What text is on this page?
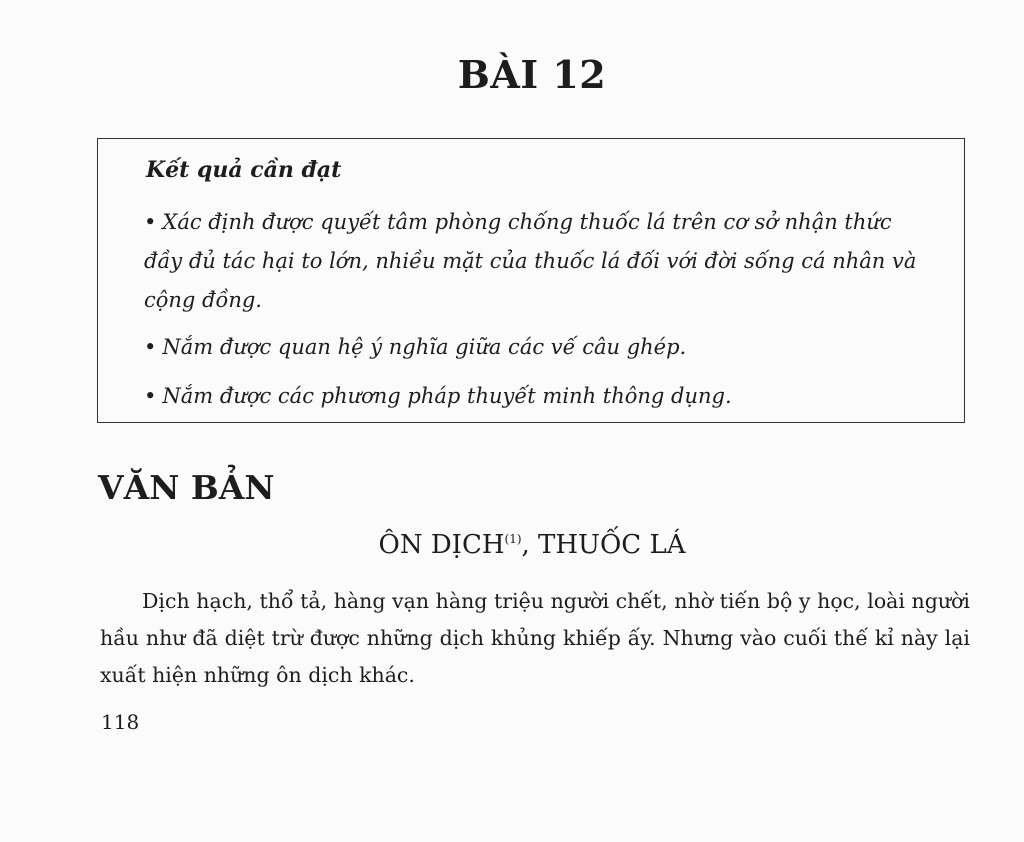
BÀI 12
Kết quả cần đạt
• Xác định được quyết tâm phòng chống thuốc lá trên cơ sở nhận thức đầy đủ tác hại to lớn, nhiều mặt của thuốc lá đối với đời sống cá nhân và cộng đồng.
• Nắm được quan hệ ý nghĩa giữa các vế câu ghép.
• Nắm được các phương pháp thuyết minh thông dụng.
VĂN BẢN
ÔN DỊCH$^{(1)}$, THUỐC LÁ
Dịch hạch, thổ tả, hàng vạn hàng triệu người chết, nhờ tiến bộ y học, loài người hầu như đã diệt trừ được những dịch khủng khiếp ấy. Nhưng vào cuối thế kỉ này lại xuất hiện những ôn dịch khác.
118
